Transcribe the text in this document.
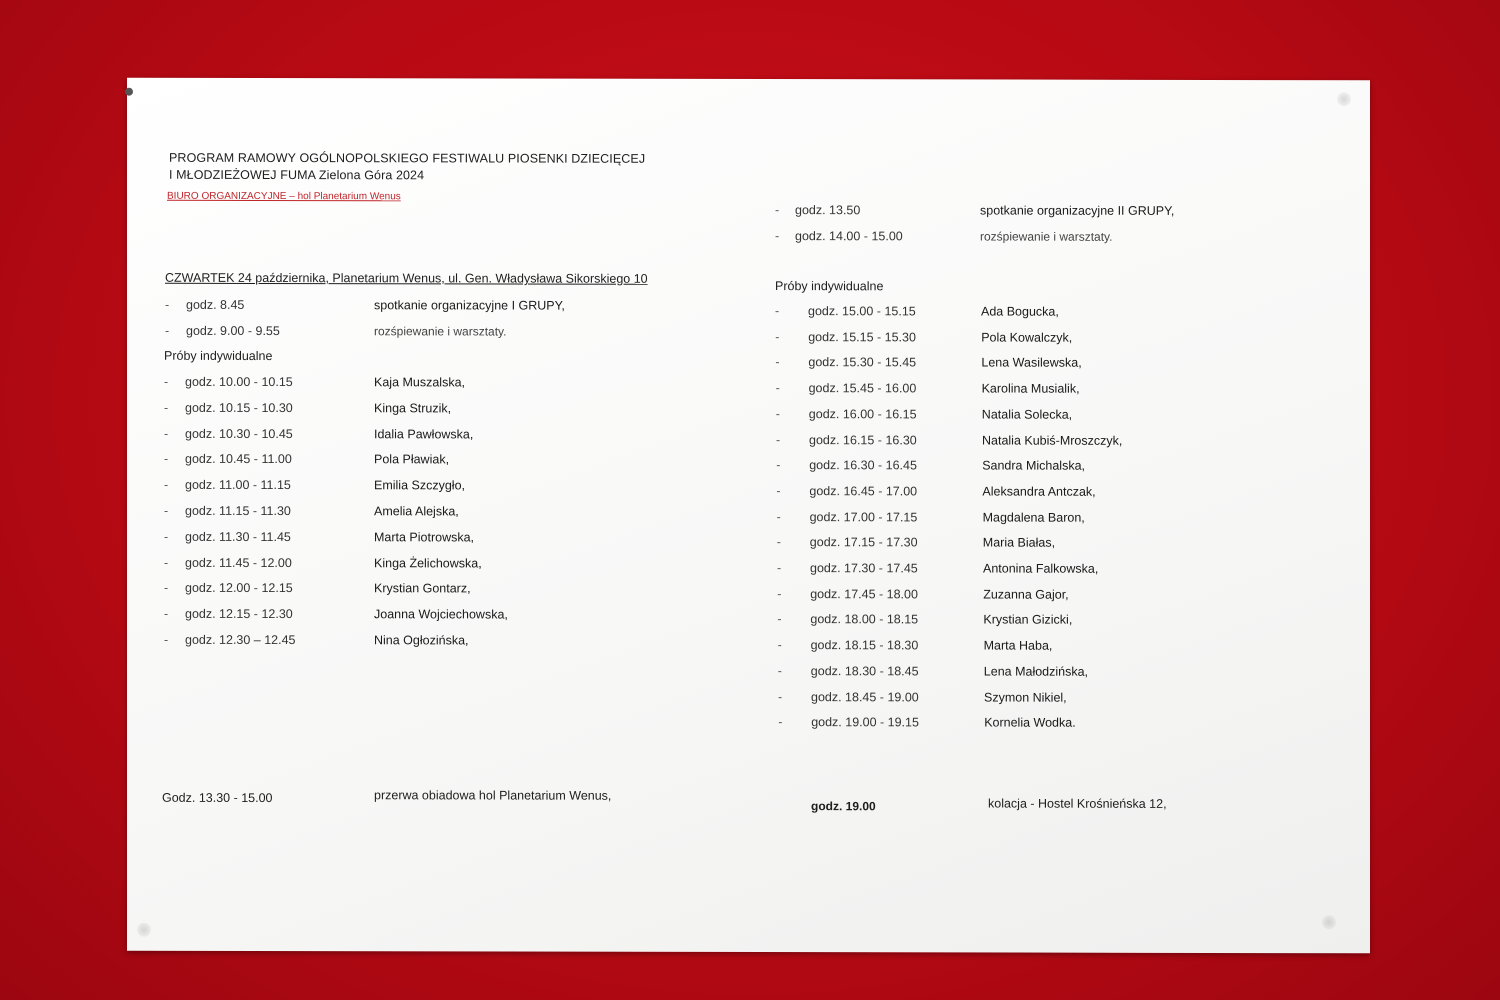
PROGRAM RAMOWY OGÓLNOPOLSKIEGO FESTIWALU PIOSENKI DZIECIĘCEJ
I MŁODZIEŻOWEJ FUMA Zielona Góra 2024
BIURO ORGANIZACYJNE – hol Planetarium Wenus
CZWARTEK 24 października, Planetarium Wenus, ul. Gen. Władysława Sikorskiego 10
- godz. 8.45	spotkanie organizacyjne I GRUPY,
- godz. 9.00 - 9.55	rozśpiewanie i warsztaty.
Próby indywidualne
- godz. 10.00 - 10.15	Kaja Muszalska,
- godz. 10.15 - 10.30	Kinga Struzik,
- godz. 10.30 - 10.45	Idalia Pawłowska,
- godz. 10.45 - 11.00	Pola Pławiak,
- godz. 11.00 - 11.15	Emilia Szczygło,
- godz. 11.15 - 11.30	Amelia Alejska,
- godz. 11.30 - 11.45	Marta Piotrowska,
- godz. 11.45 - 12.00	Kinga Żelichowska,
- godz. 12.00 - 12.15	Krystian Gontarz,
- godz. 12.15 - 12.30	Joanna Wojciechowska,
- godz. 12.30 – 12.45	Nina Ogłozińska,
- godz. 13.50	spotkanie organizacyjne II GRUPY,
- godz. 14.00 - 15.00	rozśpiewanie i warsztaty.
Próby indywidualne
- godz. 15.00 - 15.15	Ada Bogucka,
- godz. 15.15 - 15.30	Pola Kowalczyk,
- godz. 15.30 - 15.45	Lena Wasilewska,
- godz. 15.45 - 16.00	Karolina Musialik,
- godz. 16.00 - 16.15	Natalia Solecka,
- godz. 16.15 - 16.30	Natalia Kubiś-Mroszczyk,
- godz. 16.30 - 16.45	Sandra Michalska,
- godz. 16.45 - 17.00	Aleksandra Antczak,
- godz. 17.00 - 17.15	Magdalena Baron,
- godz. 17.15 - 17.30	Maria Białas,
- godz. 17.30 - 17.45	Antonina Falkowska,
- godz. 17.45 - 18.00	Zuzanna Gajor,
- godz. 18.00 - 18.15	Krystian Gizicki,
- godz. 18.15 - 18.30	Marta Haba,
- godz. 18.30 - 18.45	Lena Małodzińska,
- godz. 18.45 - 19.00	Szymon Nikiel,
- godz. 19.00 - 19.15	Kornelia Wodka.
Godz. 13.30 - 15.00	przerwa obiadowa hol Planetarium Wenus,
godz. 19.00	kolacja - Hostel Krośnieńska 12,
